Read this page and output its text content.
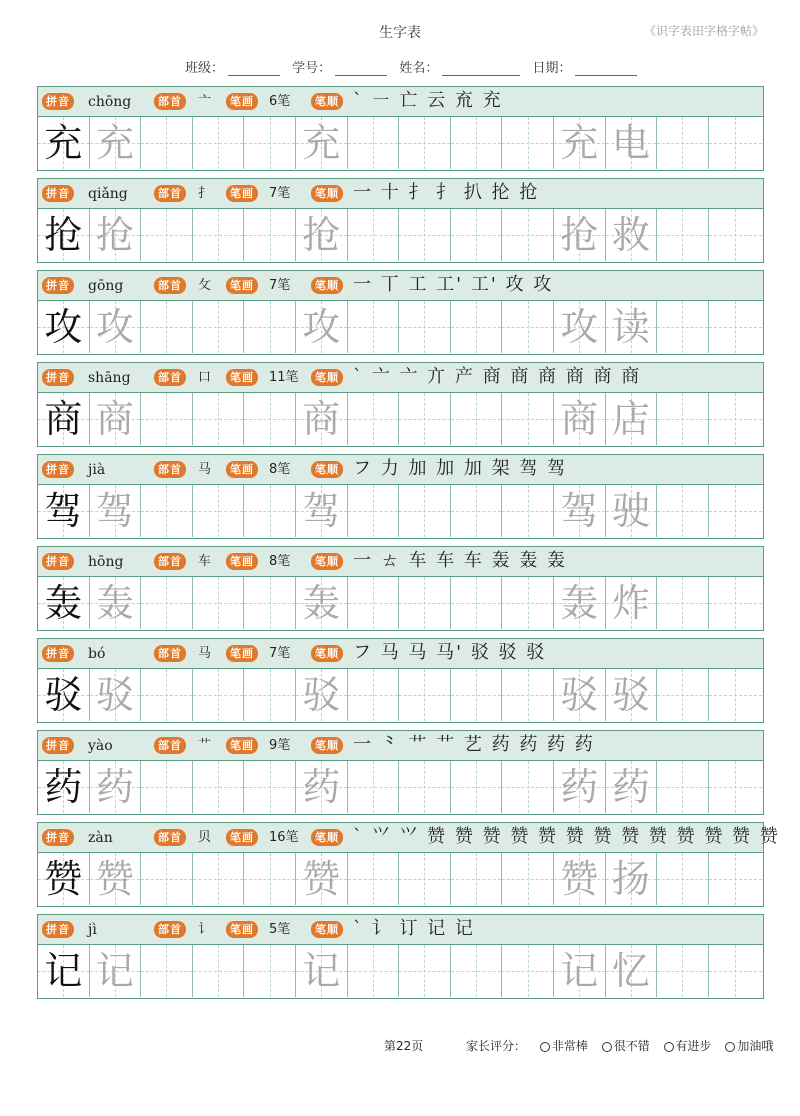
生字表	《识字表田字格字帖》
班级：	学号：	姓名：	日期：
拼音 chōng	部首	亠	笔画	6笔	笔顺 ` ㇐ 亡 云 㐬 充
充 充	充	充 电
拼音 qiǎng	部首	扌	笔画	7笔	笔顺 一 十 扌 扌 扒 抡 抢
抢 抢	抢	抢 救
拼音 gōng	部首	攵	笔画	7笔	笔顺 一 丅 工 工' 工' 攻 攻
攻 攻	攻	攻 读
拼音 shāng	部首	口	笔画	11笔	笔顺 ` 亠 亠 亣 产 商 商 商 商 商 商
商 商	商	商 店
拼音 jià	部首	马	笔画	8笔	笔顺 フ 力 加 加 加 架 驾 驾
驾 驾	驾	驾 驶
拼音 hōng	部首	车	笔画	8笔	笔顺 一 ㄊ 车 车 车 轰 轰 轰
轰 轰	轰	轰 炸
拼音 bó	部首	马	笔画	7笔	笔顺 フ 马 马 马' 驳 驳 驳
驳 驳	驳	驳 驳
拼音 yào	部首	艹	笔画	9笔	笔顺 一 ⺀ 艹 艹 艺 药 药 药 药
药 药	药	药 药
拼音 zàn	部首	贝	笔画	16笔	笔顺 ` ⺍ ⺍ 赞 赞 赞 赞 赞 赞 赞 赞 赞 赞 赞 赞 赞
赞 赞	赞	赞 扬
拼音 jì	部首	讠	笔画	5笔	笔顺 ` 讠 订 记 记
记 记	记	记 忆
第22页	家长评分： 非常棒 很不错 有进步 加油哦
